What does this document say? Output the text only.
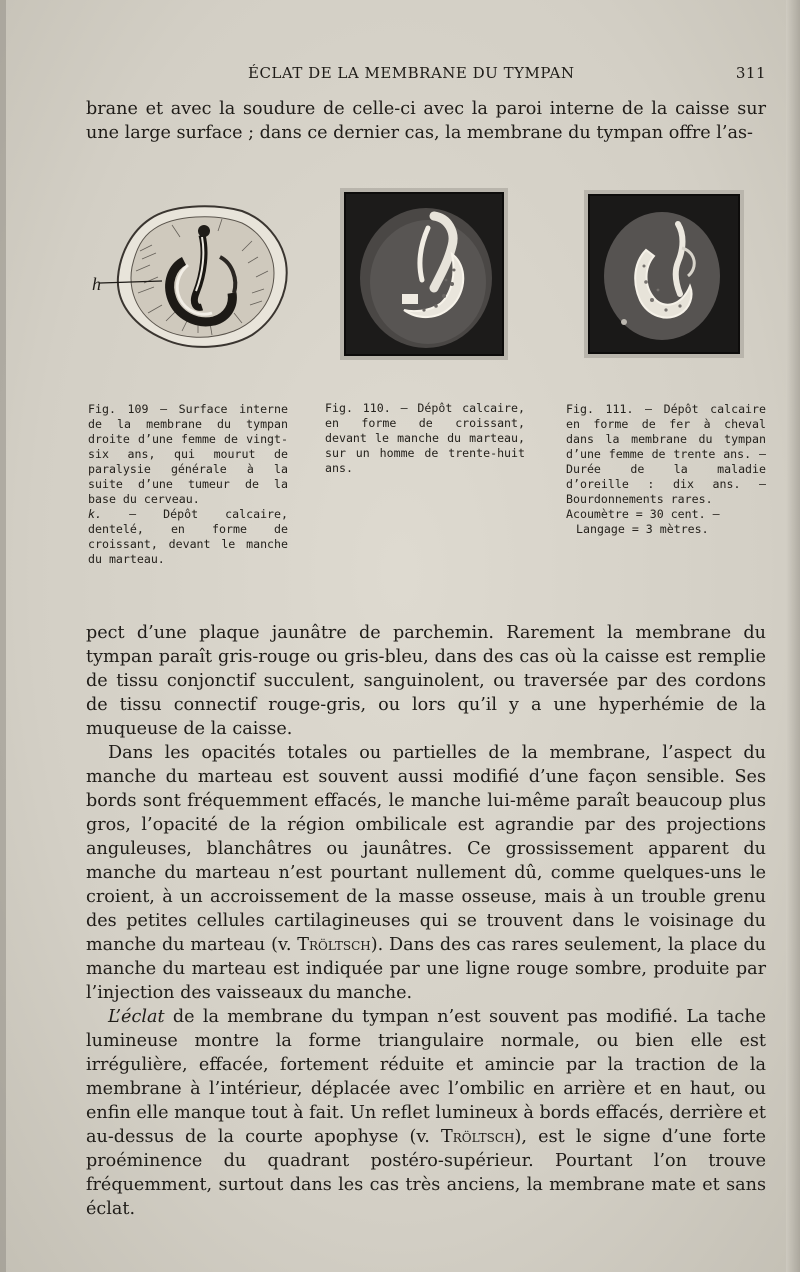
ÉCLAT DE LA MEMBRANE DU TYMPAN	311

brane et avec la soudure de celle-ci avec la paroi interne de la caisse sur une large surface ; dans ce dernier cas, la membrane du tympan offre l’as-

h

Fig. 109 — Surface interne de la membrane du tympan droite d’une femme de vingt-six ans, qui mourut de paralysie générale à la suite d’une tumeur de la base du cerveau.

k. — Dépôt calcaire, dentelé, en forme de croissant, devant le manche du marteau.

Fig. 110. — Dépôt calcaire, en forme de croissant, devant le manche du marteau, sur un homme de trente-huit ans.

Fig. 111. — Dépôt calcaire en forme de fer à cheval dans la membrane du tympan d’une femme de trente ans. — Durée de la maladie d’oreille : dix ans. — Bourdonnements rares.

Acoumètre = 30 cent. —

Langage = 3 mètres.

pect d’une plaque jaunâtre de parchemin. Rarement la membrane du tympan paraît gris-rouge ou gris-bleu, dans des cas où la caisse est remplie de tissu conjonctif succulent, sanguinolent, ou traversée par des cordons de tissu connectif rouge-gris, ou lors qu’il y a une hyperhémie de la muqueuse de la caisse.

Dans les opacités totales ou partielles de la membrane, l’aspect du manche du marteau est souvent aussi modifié d’une façon sensible. Ses bords sont fréquemment effacés, le manche lui-même paraît beaucoup plus gros, l’opacité de la région ombilicale est agrandie par des projections anguleuses, blanchâtres ou jaunâtres. Ce grossissement apparent du manche du marteau n’est pourtant nullement dû, comme quelques-uns le croient, à un accroissement de la masse osseuse, mais à un trouble grenu des petites cellules cartilagineuses qui se trouvent dans le voisinage du manche du marteau (v. Tröltsch). Dans des cas rares seulement, la place du manche du marteau est indiquée par une ligne rouge sombre, produite par l’injection des vaisseaux du manche.

L’éclat de la membrane du tympan n’est souvent pas modifié. La tache lumineuse montre la forme triangulaire normale, ou bien elle est irrégulière, effacée, fortement réduite et amincie par la traction de la membrane à l’intérieur, déplacée avec l’ombilic en arrière et en haut, ou enfin elle manque tout à fait. Un reflet lumineux à bords effacés, derrière et au-dessus de la courte apophyse (v. Tröltsch), est le signe d’une forte proéminence du quadrant postéro-supérieur. Pourtant l’on trouve fréquemment, surtout dans les cas très anciens, la membrane mate et sans éclat.
